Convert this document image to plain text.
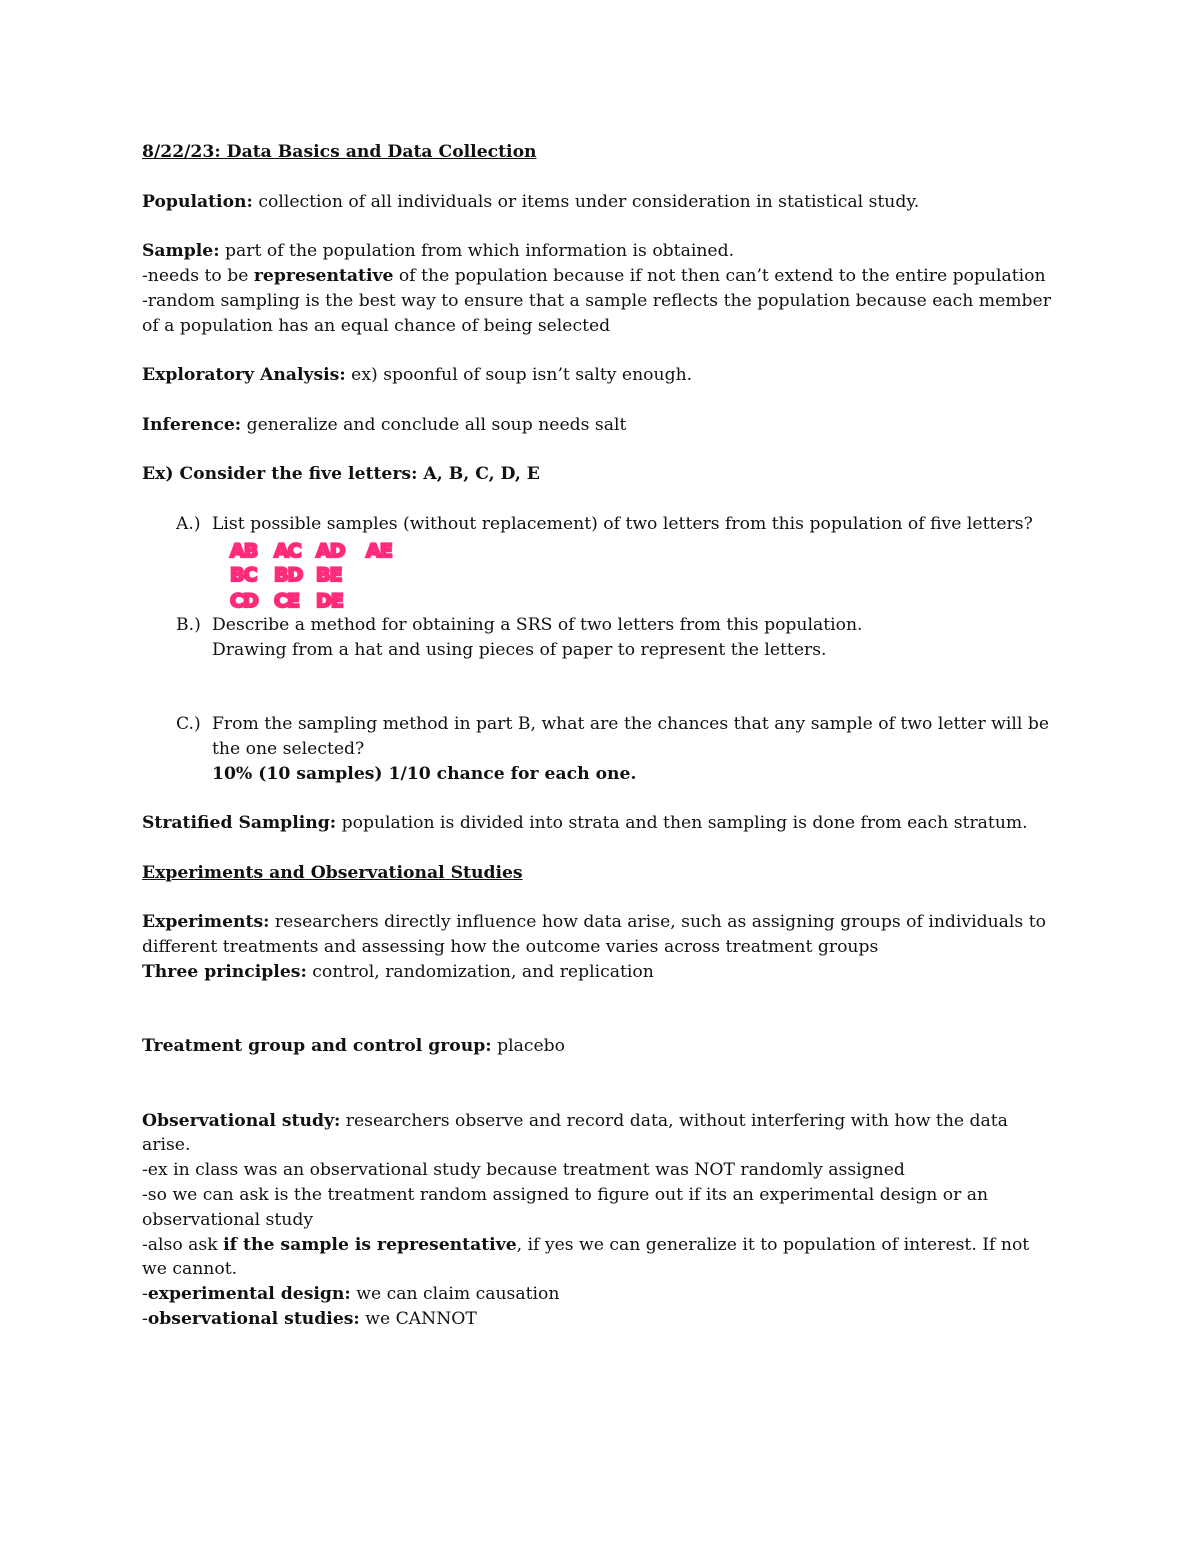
8/22/23: Data Basics and Data Collection

Population: collection of all individuals or items under consideration in statistical study.

Sample: part of the population from which information is obtained.

-needs to be representative of the population because if not then can’t extend to the entire population

-random sampling is the best way to ensure that a sample reflects the population because each member of a population has an equal chance of being selected

Exploratory Analysis: ex) spoonful of soup isn’t salty enough.

Inference: generalize and conclude all soup needs salt

Ex) Consider the five letters: A, B, C, D, E

A.) List possible samples (without replacement) of two letters from this population of five letters?

AB AC AD AE
BC BD BE
CD CE DE
B.) Describe a method for obtaining a SRS of two letters from this population.

Drawing from a hat and using pieces of paper to represent the letters.

C.) From the sampling method in part B, what are the chances that any sample of two letter will be the one selected?

10% (10 samples) 1/10 chance for each one.

Stratified Sampling: population is divided into strata and then sampling is done from each stratum.

Experiments and Observational Studies

Experiments: researchers directly influence how data arise, such as assigning groups of individuals to different treatments and assessing how the outcome varies across treatment groups

Three principles: control, randomization, and replication

Treatment group and control group: placebo

Observational study: researchers observe and record data, without interfering with how the data arise.

-ex in class was an observational study because treatment was NOT randomly assigned

-so we can ask is the treatment random assigned to figure out if its an experimental design or an observational study

-also ask if the sample is representative, if yes we can generalize it to population of interest. If not we cannot.

-experimental design: we can claim causation

-observational studies: we CANNOT
